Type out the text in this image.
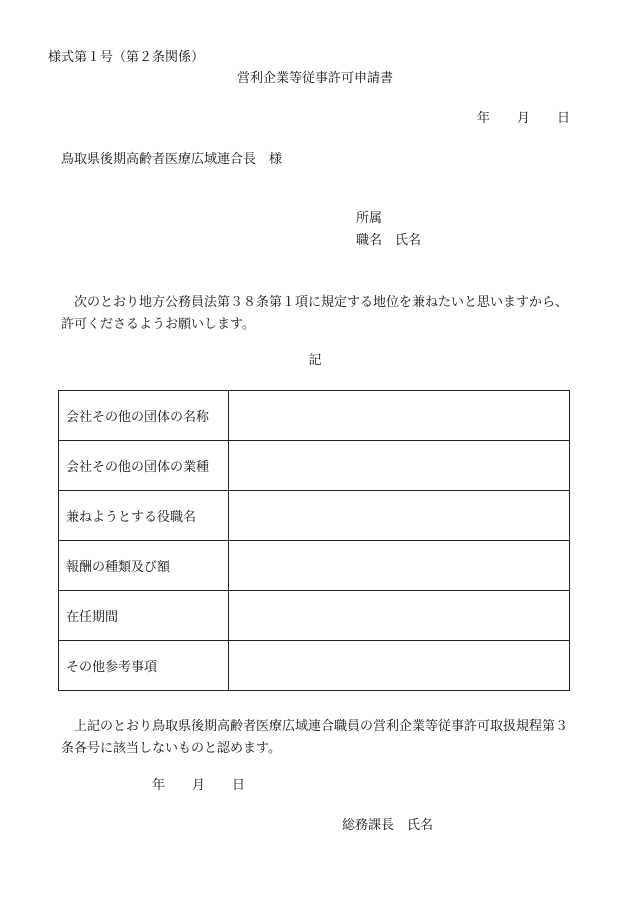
様式第１号（第２条関係）
営利企業等従事許可申請書
年 月 日
鳥取県後期高齢者医療広域連合長 様
所属
職名 氏名

次のとおり地方公務員法第３８条第１項に規定する地位を兼ねたいと思いますから、

許可くださるようお願いします。

記
会社その他の団体の名称	
会社その他の団体の業種	
兼ねようとする役職名	
報酬の種類及び額	
在任期間	
その他参考事項	

上記のとおり鳥取県後期高齢者医療広域連合職員の営利企業等従事許可取扱規程第３

条各号に該当しないものと認めます。

年 月 日
総務課長 氏名
